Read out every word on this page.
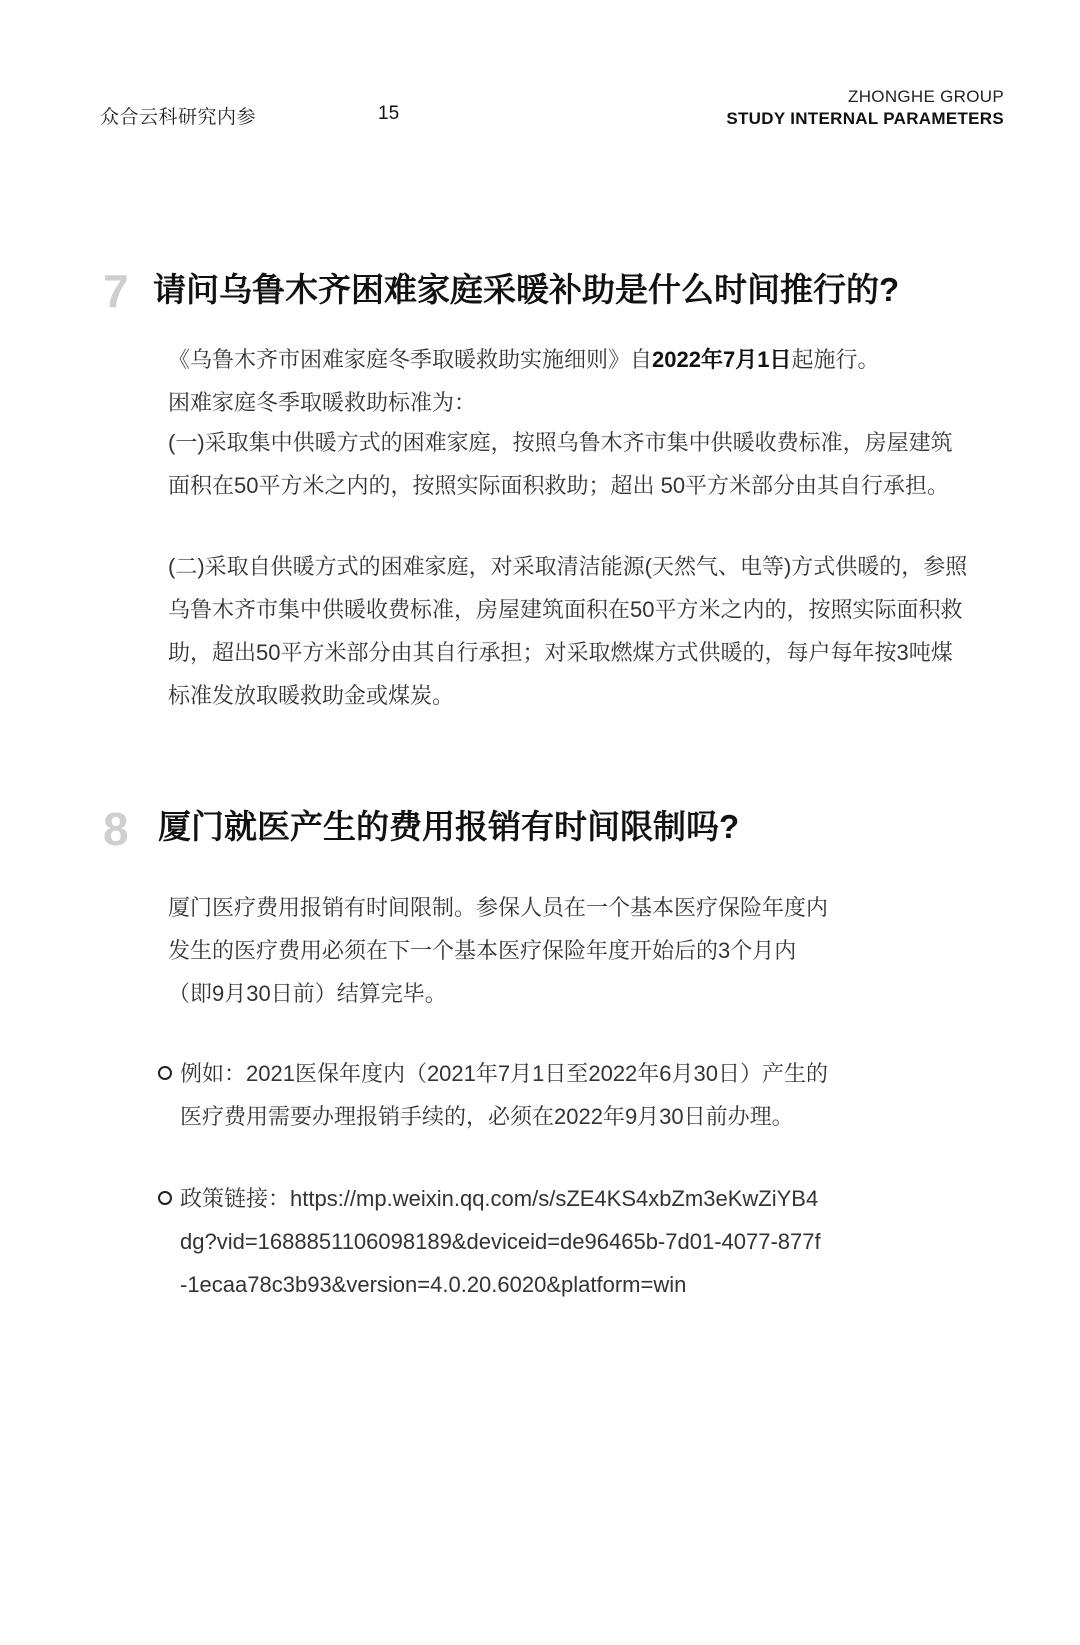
众合云科研究内参	15
ZHONGHE GROUP
STUDY INTERNAL PARAMETERS
7 请问乌鲁木齐困难家庭采暖补助是什么时间推行的?

《乌鲁木齐市困难家庭冬季取暖救助实施细则》自2022年7月1日起施行。

困难家庭冬季取暖救助标准为：

(一)采取集中供暖方式的困难家庭，按照乌鲁木齐市集中供暖收费标准，房屋建筑面积在50平方米之内的，按照实际面积救助；超出 50平方米部分由其自行承担。

(二)采取自供暖方式的困难家庭，对采取清洁能源(天然气、电等)方式供暖的，参照乌鲁木齐市集中供暖收费标准，房屋建筑面积在50平方米之内的，按照实际面积救助，超出50平方米部分由其自行承担；对采取燃煤方式供暖的，每户每年按3吨煤标准发放取暖救助金或煤炭。

8 厦门就医产生的费用报销有时间限制吗?

厦门医疗费用报销有时间限制。参保人员在一个基本医疗保险年度内发生的医疗费用必须在下一个基本医疗保险年度开始后的3个月内（即9月30日前）结算完毕。

例如：2021医保年度内（2021年7月1日至2022年6月30日）产生的医疗费用需要办理报销手续的，必须在2022年9月30日前办理。
政策链接：https://mp.weixin.qq.com/s/sZE4KS4xbZm3eKwZiYB4dg?vid=1688851106098189&deviceid=de96465b-7d01-4077-877f-1ecaa78c3b93&version=4.0.20.6020&platform=win
